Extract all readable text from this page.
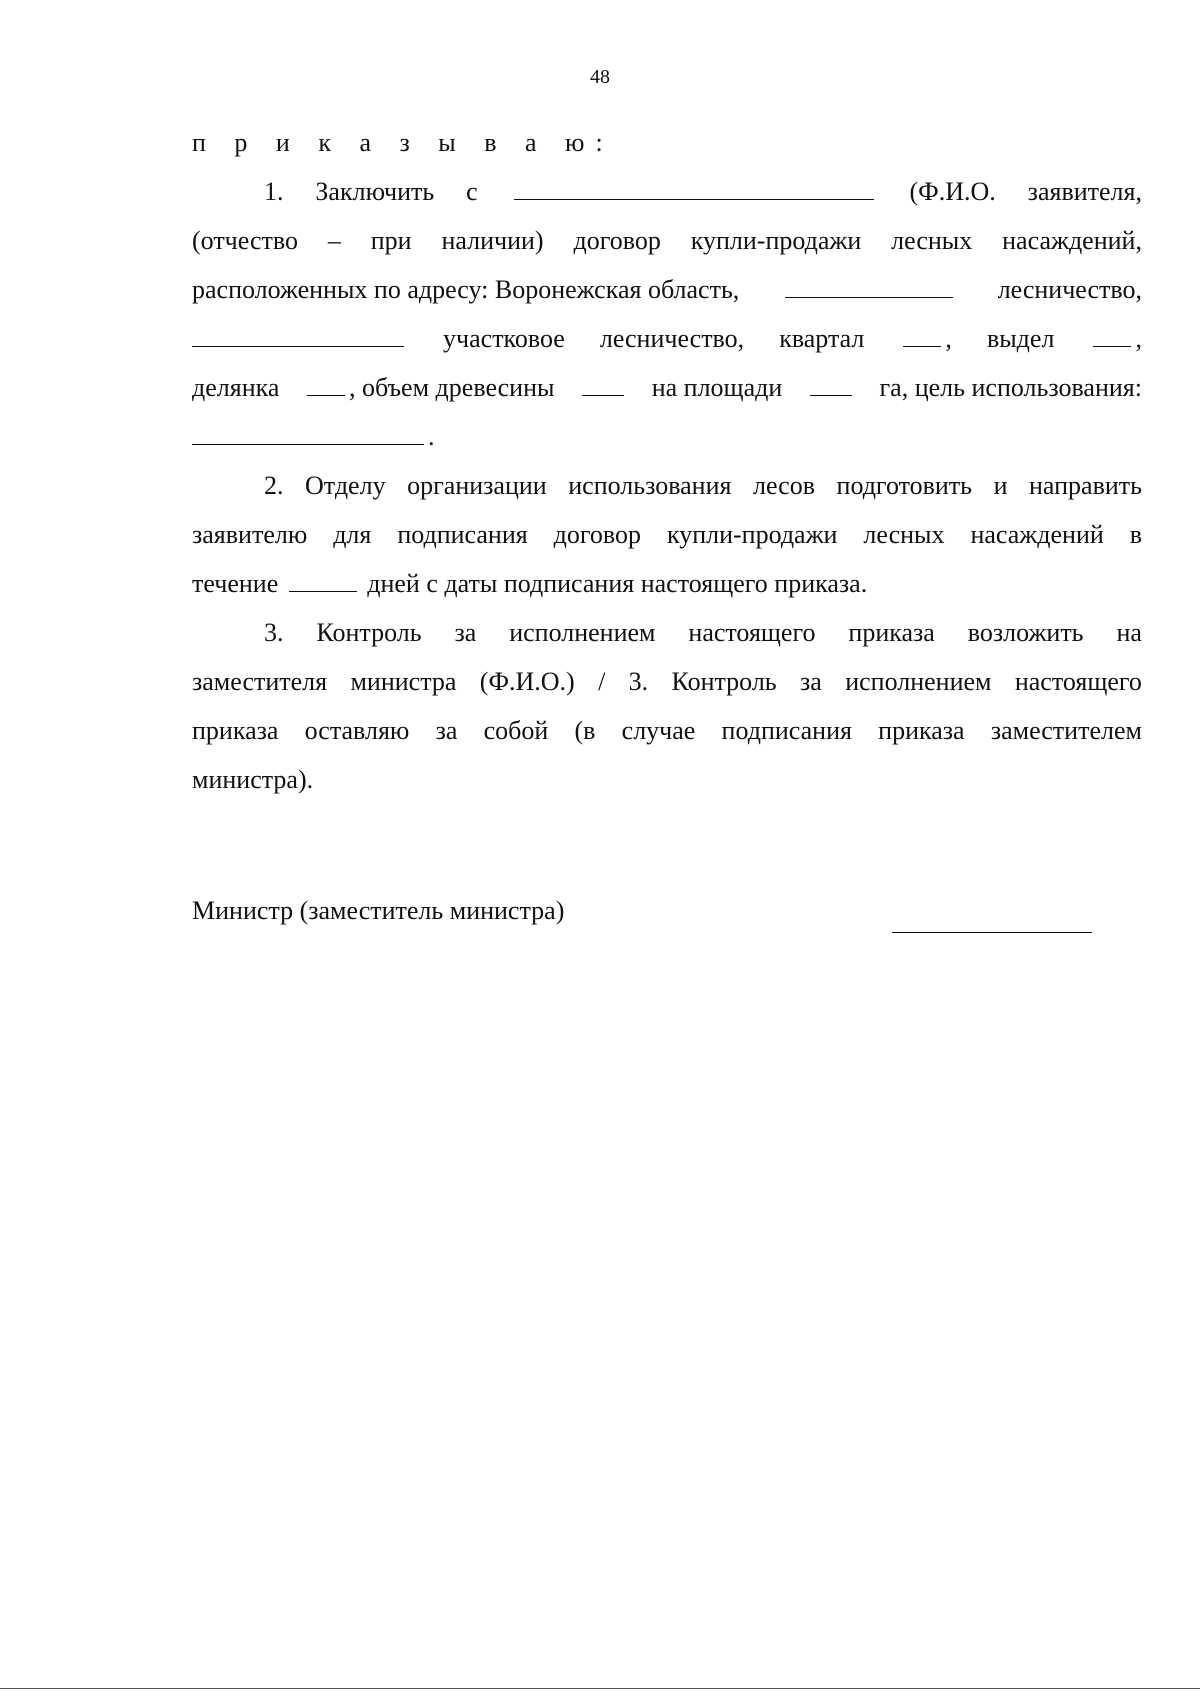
48
п р и к а з ы в а ю:
1. Заключить с	(Ф.И.О. заявителя,
(отчество – при наличии) договор купли-продажи лесных насаждений,
расположенных по адресу: Воронежская область,	лесничество,
участковое лесничество, квартал	, выдел	,
делянка	, объем древесины	на площади	га, цель использования:
.
2. Отделу организации использования лесов подготовить и направить
заявителю для подписания договор купли-продажи лесных насаждений в
течение	дней с даты подписания настоящего приказа.
3. Контроль за исполнением настоящего приказа возложить на
заместителя министра (Ф.И.О.) / 3. Контроль за исполнением настоящего
приказа оставляю за собой (в случае подписания приказа заместителем
министра).
Министр (заместитель министра)
